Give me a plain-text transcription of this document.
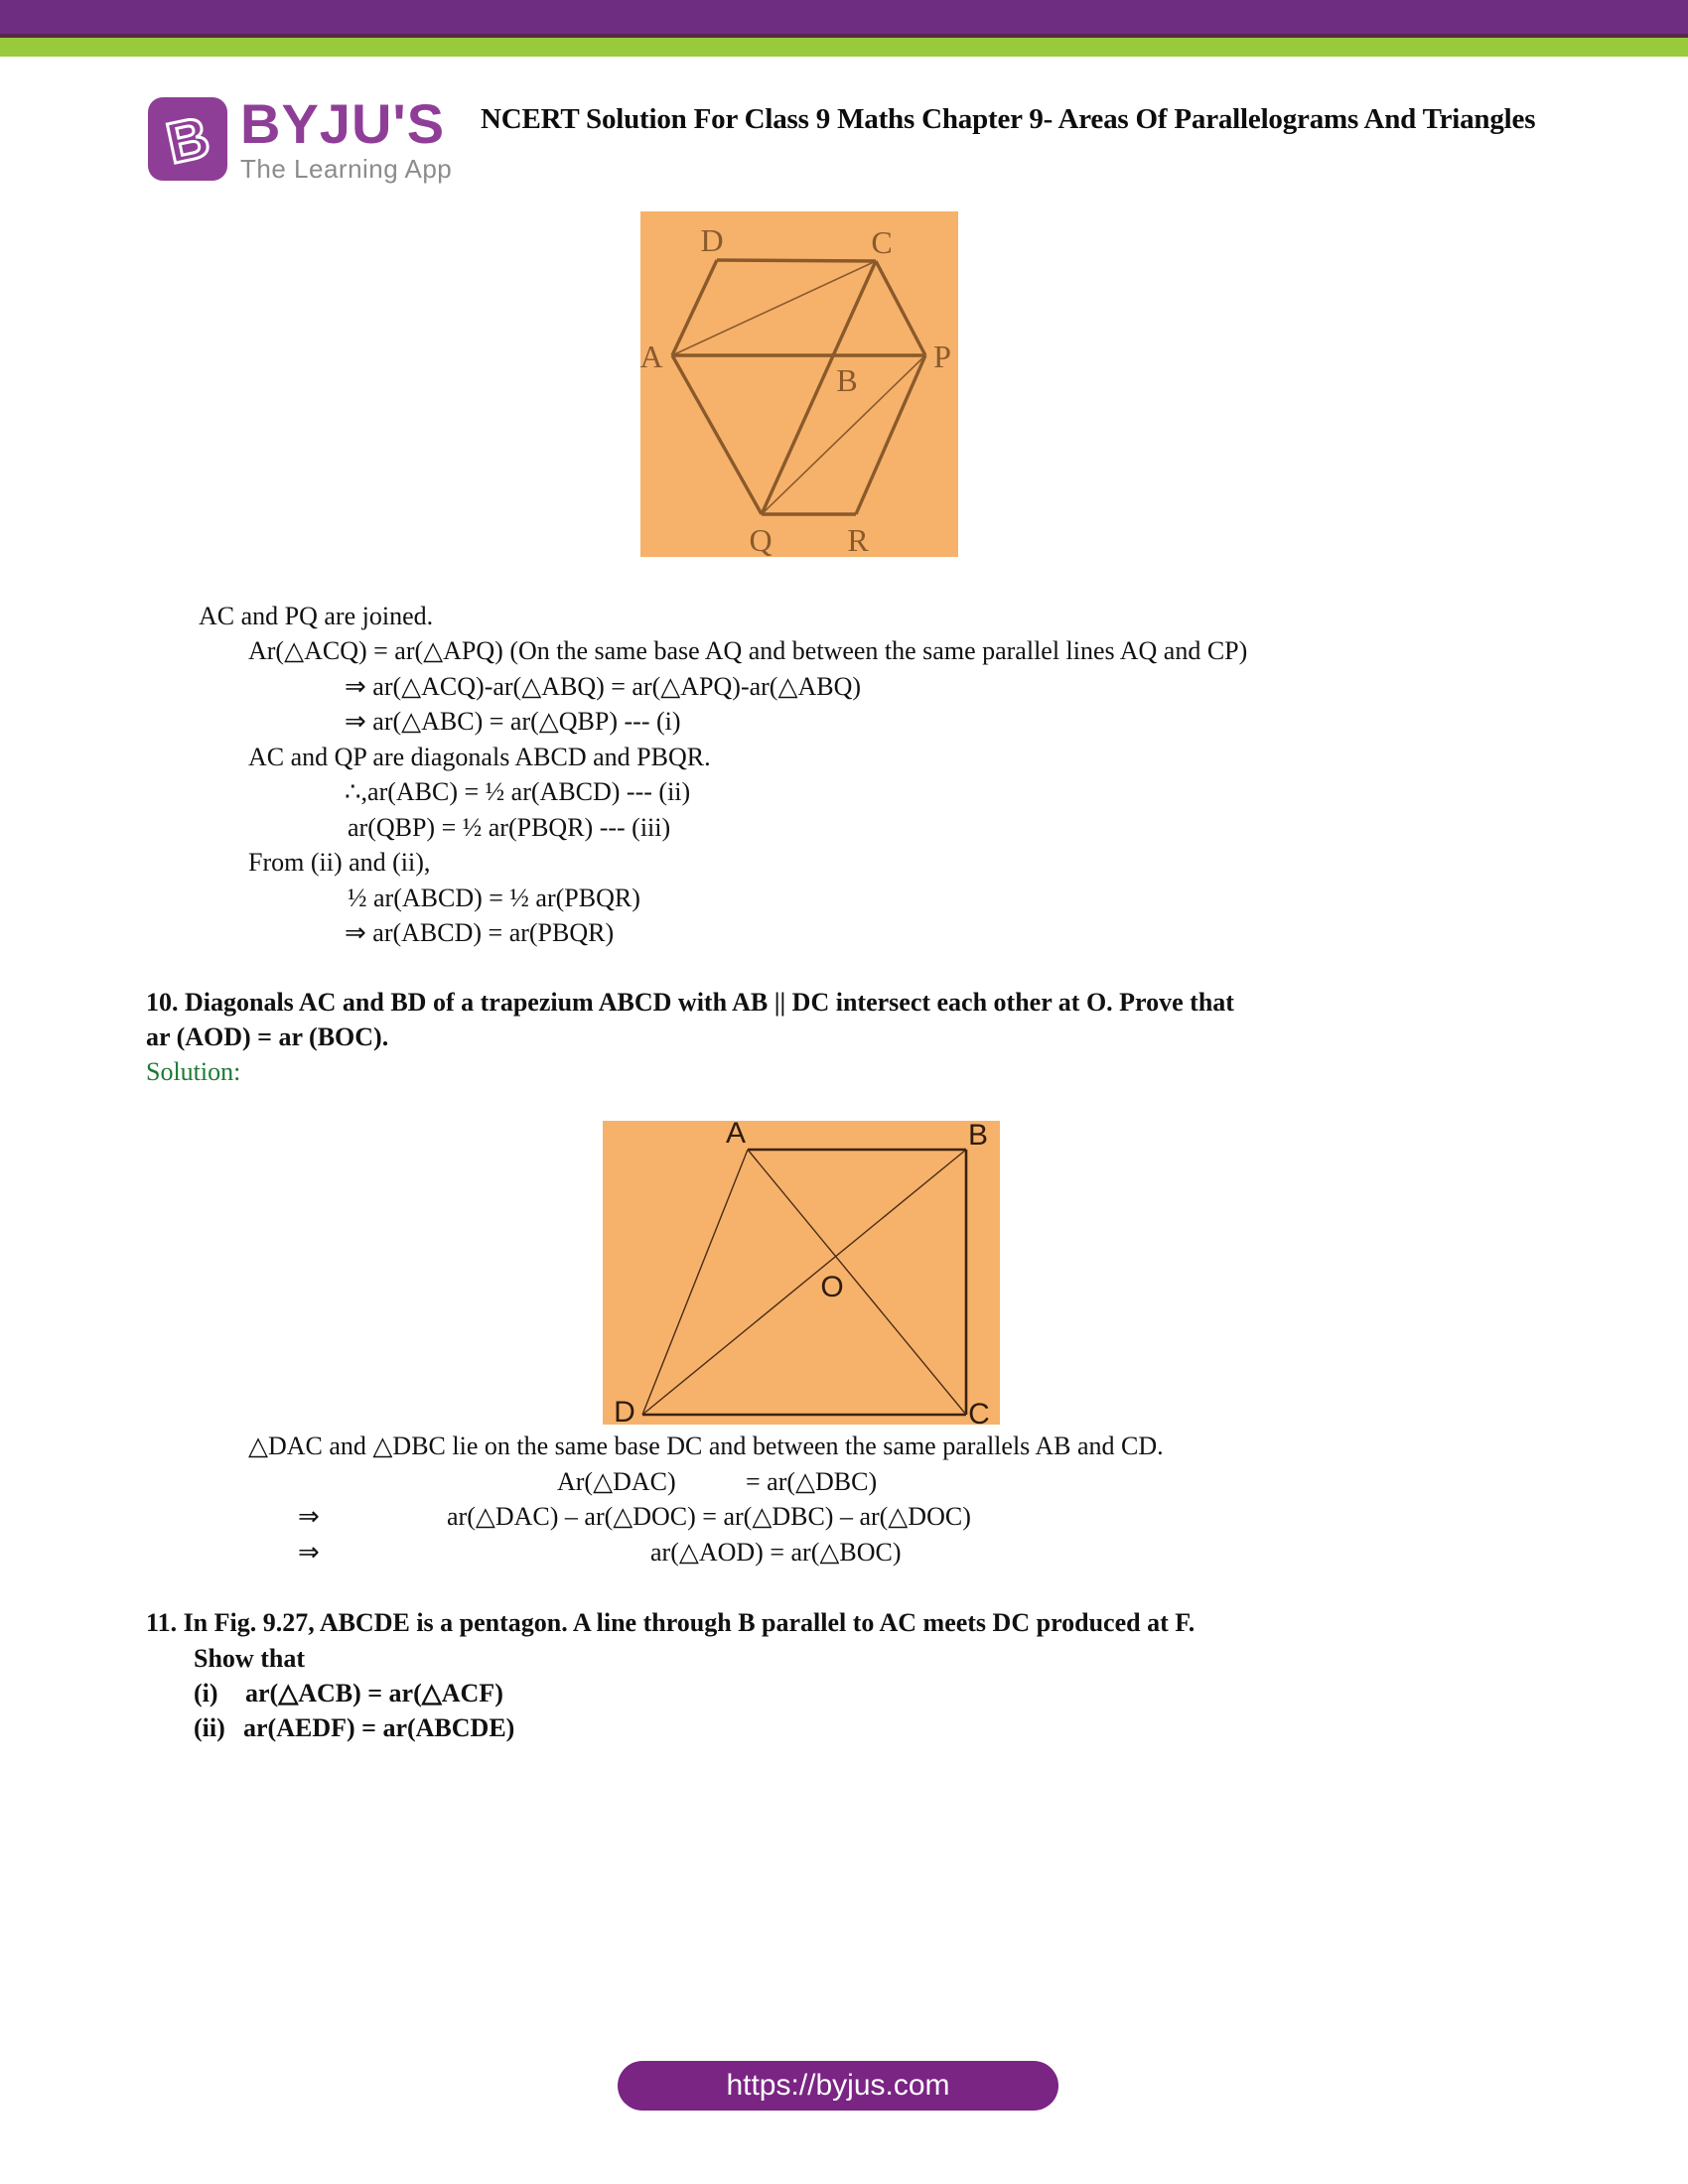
B BYJU'S
The Learning App
NCERT Solution For Class 9 Maths Chapter 9- Areas Of Parallelograms And Triangles
D	C
A	P
B
Q R
AC and PQ are joined.
Ar(△ACQ) = ar(△APQ) (On the same base AQ and between the same parallel lines AQ and CP)
⇒ ar(△ACQ)-ar(△ABQ) = ar(△APQ)-ar(△ABQ)
⇒ ar(△ABC) = ar(△QBP) --- (i)
AC and QP are diagonals ABCD and PBQR.
∴,ar(ABC) = ½ ar(ABCD) --- (ii)
ar(QBP) = ½ ar(PBQR) --- (iii)
From (ii) and (ii),
½ ar(ABCD) = ½ ar(PBQR)
⇒ ar(ABCD) = ar(PBQR)
10. Diagonals AC and BD of a trapezium ABCD with AB || DC intersect each other at O. Prove that
ar (AOD) = ar (BOC).
Solution:
A	B
D	C
O
△DAC and △DBC lie on the same base DC and between the same parallels AB and CD.
Ar(△DAC)	= ar(△DBC)
⇒	ar(△DAC) – ar(△DOC) = ar(△DBC) – ar(△DOC)
⇒	ar(△AOD) = ar(△BOC)
11. In Fig. 9.27, ABCDE is a pentagon. A line through B parallel to AC meets DC produced at F.
Show that
(i) ar(△ACB) = ar(△ACF)
(ii) ar(AEDF) = ar(ABCDE)
https://byjus.com
